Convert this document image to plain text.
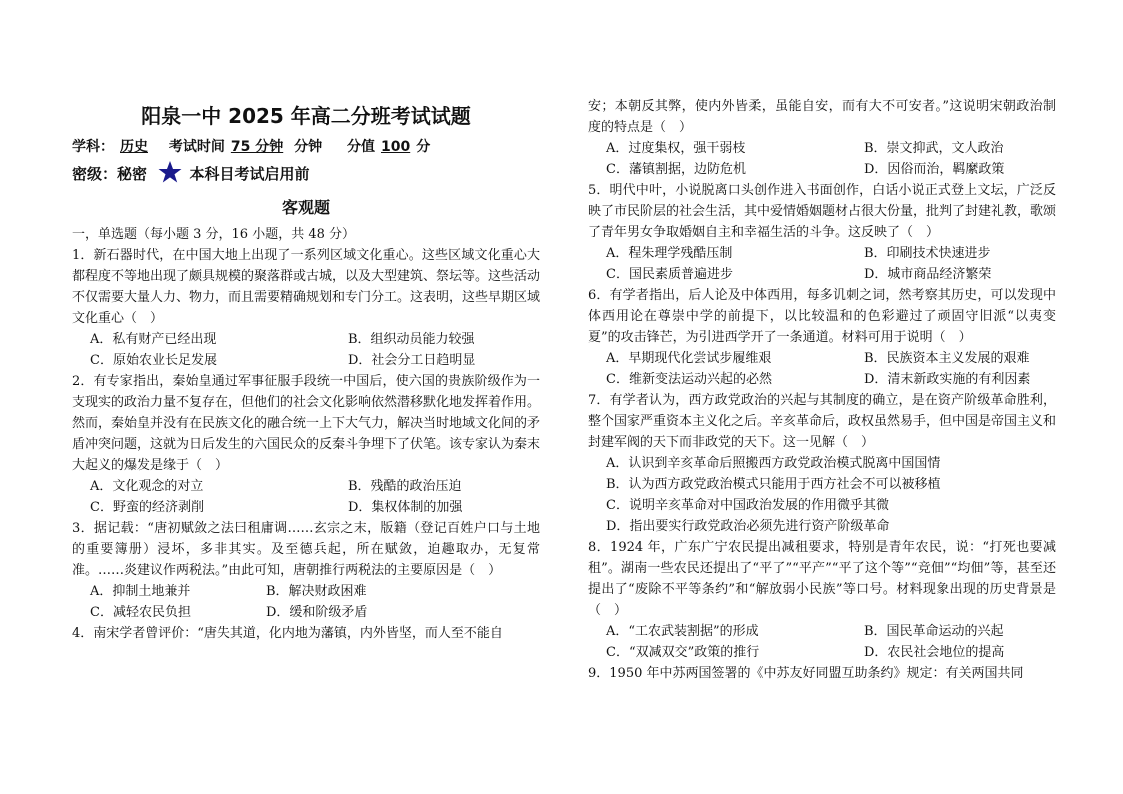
阳泉一中 2025 年高二分班考试试题
学科： 历史 考试时间 75 分钟 分钟 分值 100 分
密级：秘密	本科目考试启用前
客观题

一，单选题（每小题 3 分，16 小题，共 48 分）

1．新石器时代，在中国大地上出现了一系列区域文化重心。这些区域文化重心大都程度不等地出现了颇具规模的聚落群或古城，以及大型建筑、祭坛等。这些活动不仅需要大量人力、物力，而且需要精确规划和专门分工。这表明，这些早期区域文化重心（　）

A．私有财产已经出现	B．组织动员能力较强
C．原始农业长足发展	D．社会分工日趋明显

2．有专家指出，秦始皇通过军事征服手段统一中国后，使六国的贵族阶级作为一支现实的政治力量不复存在，但他们的社会文化影响依然潜移默化地发挥着作用。然而，秦始皇并没有在民族文化的融合统一上下大气力，解决当时地域文化间的矛盾冲突问题，这就为日后发生的六国民众的反秦斗争埋下了伏笔。该专家认为秦末大起义的爆发是缘于（　）

A．文化观念的对立	B．残酷的政治压迫
C．野蛮的经济剥削	D．集权体制的加强

3．据记载：“唐初赋敛之法曰租庸调……玄宗之末，版籍（登记百姓户口与土地的重要簿册）浸坏，多非其实。及至德兵起，所在赋敛，迫趣取办，无复常准。……炎建议作两税法。”由此可知，唐朝推行两税法的主要原因是（　）

A．抑制土地兼并	B．解决财政困难
C．减轻农民负担	D．缓和阶级矛盾

4．南宋学者曾评价：“唐失其道，化内地为藩镇，内外皆坚，而人至不能自

安；本朝反其弊，使内外皆柔，虽能自安，而有大不可安者。”这说明宋朝政治制度的特点是（　）

A．过度集权，强干弱枝	B．崇文抑武，文人政治
C．藩镇割据，边防危机	D．因俗而治，羁縻政策

5．明代中叶，小说脱离口头创作进入书面创作，白话小说正式登上文坛，广泛反映了市民阶层的社会生活，其中爱情婚姻题材占很大份量，批判了封建礼教，歌颂了青年男女争取婚姻自主和幸福生活的斗争。这反映了（　）

A．程朱理学残酷压制	B．印刷技术快速进步
C．国民素质普遍进步	D．城市商品经济繁荣

6．有学者指出，后人论及中体西用，每多讥刺之词，然考察其历史，可以发现中体西用论在尊崇中学的前提下，以比较温和的色彩避过了顽固守旧派“以夷变夏”的攻击锋芒，为引进西学开了一条通道。材料可用于说明（　）

A．早期现代化尝试步履维艰	B．民族资本主义发展的艰难
C．维新变法运动兴起的必然	D．清末新政实施的有利因素

7．有学者认为，西方政党政治的兴起与其制度的确立，是在资产阶级革命胜利，整个国家严重资本主义化之后。辛亥革命后，政权虽然易手，但中国是帝国主义和封建军阀的天下而非政党的天下。这一见解（　）

A．认识到辛亥革命后照搬西方政党政治模式脱离中国国情
B．认为西方政党政治模式只能用于西方社会不可以被移植
C．说明辛亥革命对中国政治发展的作用微乎其微
D．指出要实行政党政治必须先进行资产阶级革命

8．1924 年，广东广宁农民提出减租要求，特别是青年农民，说：“打死也要减租”。湖南一些农民还提出了“平了”“平产”“平了这个等”“竞佃”“均佃”等，甚至还提出了“废除不平等条约”和“解放弱小民族”等口号。材料现象出现的历史背景是（　）

A．“工农武装割据”的形成	B．国民革命运动的兴起
C．“双减双交”政策的推行	D．农民社会地位的提高

9．1950 年中苏两国签署的《中苏友好同盟互助条约》规定：有关两国共同
